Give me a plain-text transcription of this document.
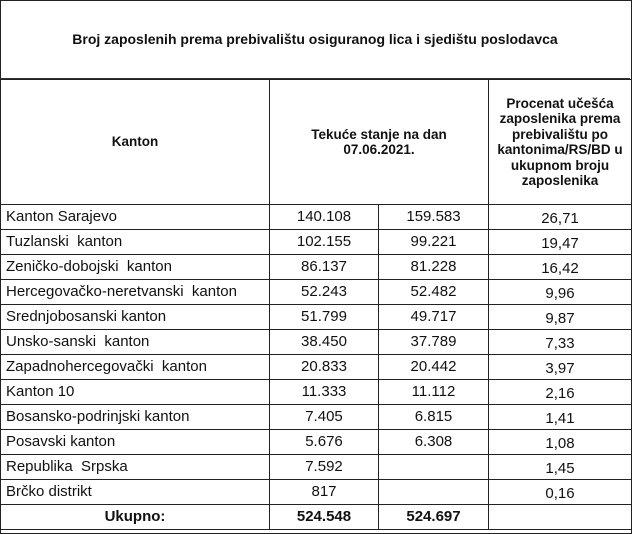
Broj zaposlenih prema prebivalištu osiguranog lica i sjedištu poslodavca
Kanton	Tekuće stanje na dan 07.06.2021.		Procenat učešća zaposlenika prema prebivalištu po kantonima/RS/BD u ukupnom broju zaposlenika
Kanton Sarajevo	140.108	159.583	26,71
Tuzlanski  kanton	102.155	99.221	19,47
Zeničko-dobojski  kanton	86.137	81.228	16,42
Hercegovačko-neretvanski  kanton	52.243	52.482	9,96
Srednjobosanski kanton	51.799	49.717	9,87
Unsko-sanski  kanton	38.450	37.789	7,33
Zapadnohercegovački  kanton	20.833	20.442	3,97
Kanton 10	11.333	11.112	2,16
Bosansko-podrinjski kanton	7.405	6.815	1,41
Posavski kanton	5.676	6.308	1,08
Republika  Srpska	7.592		1,45
Brčko distrikt	817		0,16
Ukupno:	524.548	524.697	
